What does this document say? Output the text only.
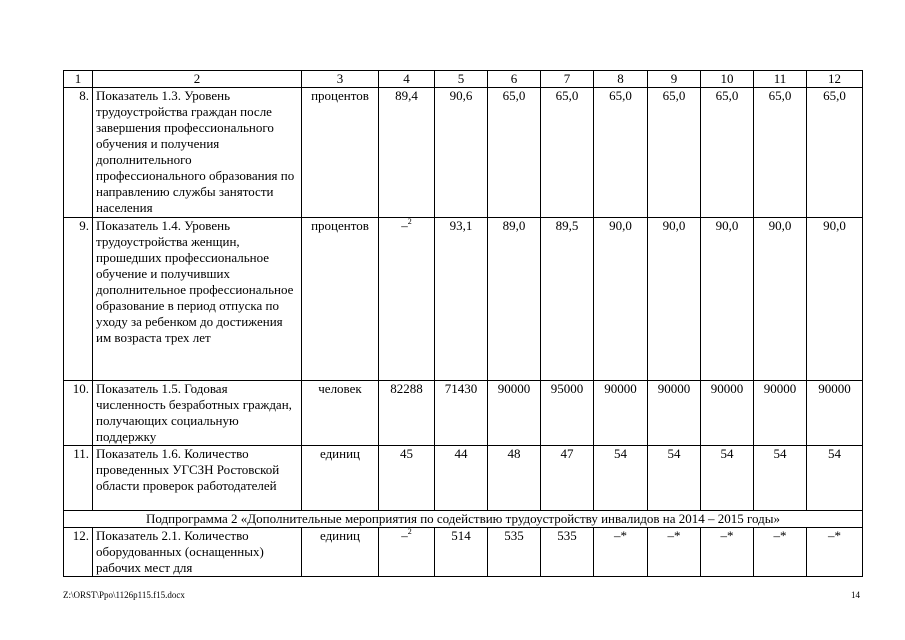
1	2	3	4	5	6	7	8	9	10	11	12
8.	Показатель 1.3. Уровень трудоустройства граждан после завершения профессионального обучения и получения дополнительного профессионального образования по направлению службы занятости населения	процентов	89,4	90,6	65,0	65,0	65,0	65,0	65,0	65,0	65,0
9.	Показатель 1.4. Уровень трудоустройства женщин, прошедших профессиональное обучение и получивших дополнительное профессиональное образование в период отпуска по уходу за ребенком до достижения им возраста трех лет	процентов	–$^2$	93,1	89,0	89,5	90,0	90,0	90,0	90,0	90,0
10.	Показатель 1.5. Годовая численность безработных граждан, получающих социальную поддержку	человек	82288	71430	90000	95000	90000	90000	90000	90000	90000
11.	Показатель 1.6. Количество проведенных УГСЗН Ростовской области проверок работодателей	единиц	45	44	48	47	54	54	54	54	54
Подпрограмма 2 «Дополнительные мероприятия по содействию трудоустройству инвалидов на 2014 – 2015 годы»											
12.	Показатель 2.1. Количество оборудованных (оснащенных) рабочих мест для	единиц	–$^2$	514	535	535	–*	–*	–*	–*	–*
Z:\ORST\Ppo\1126p115.f15.docx	14
